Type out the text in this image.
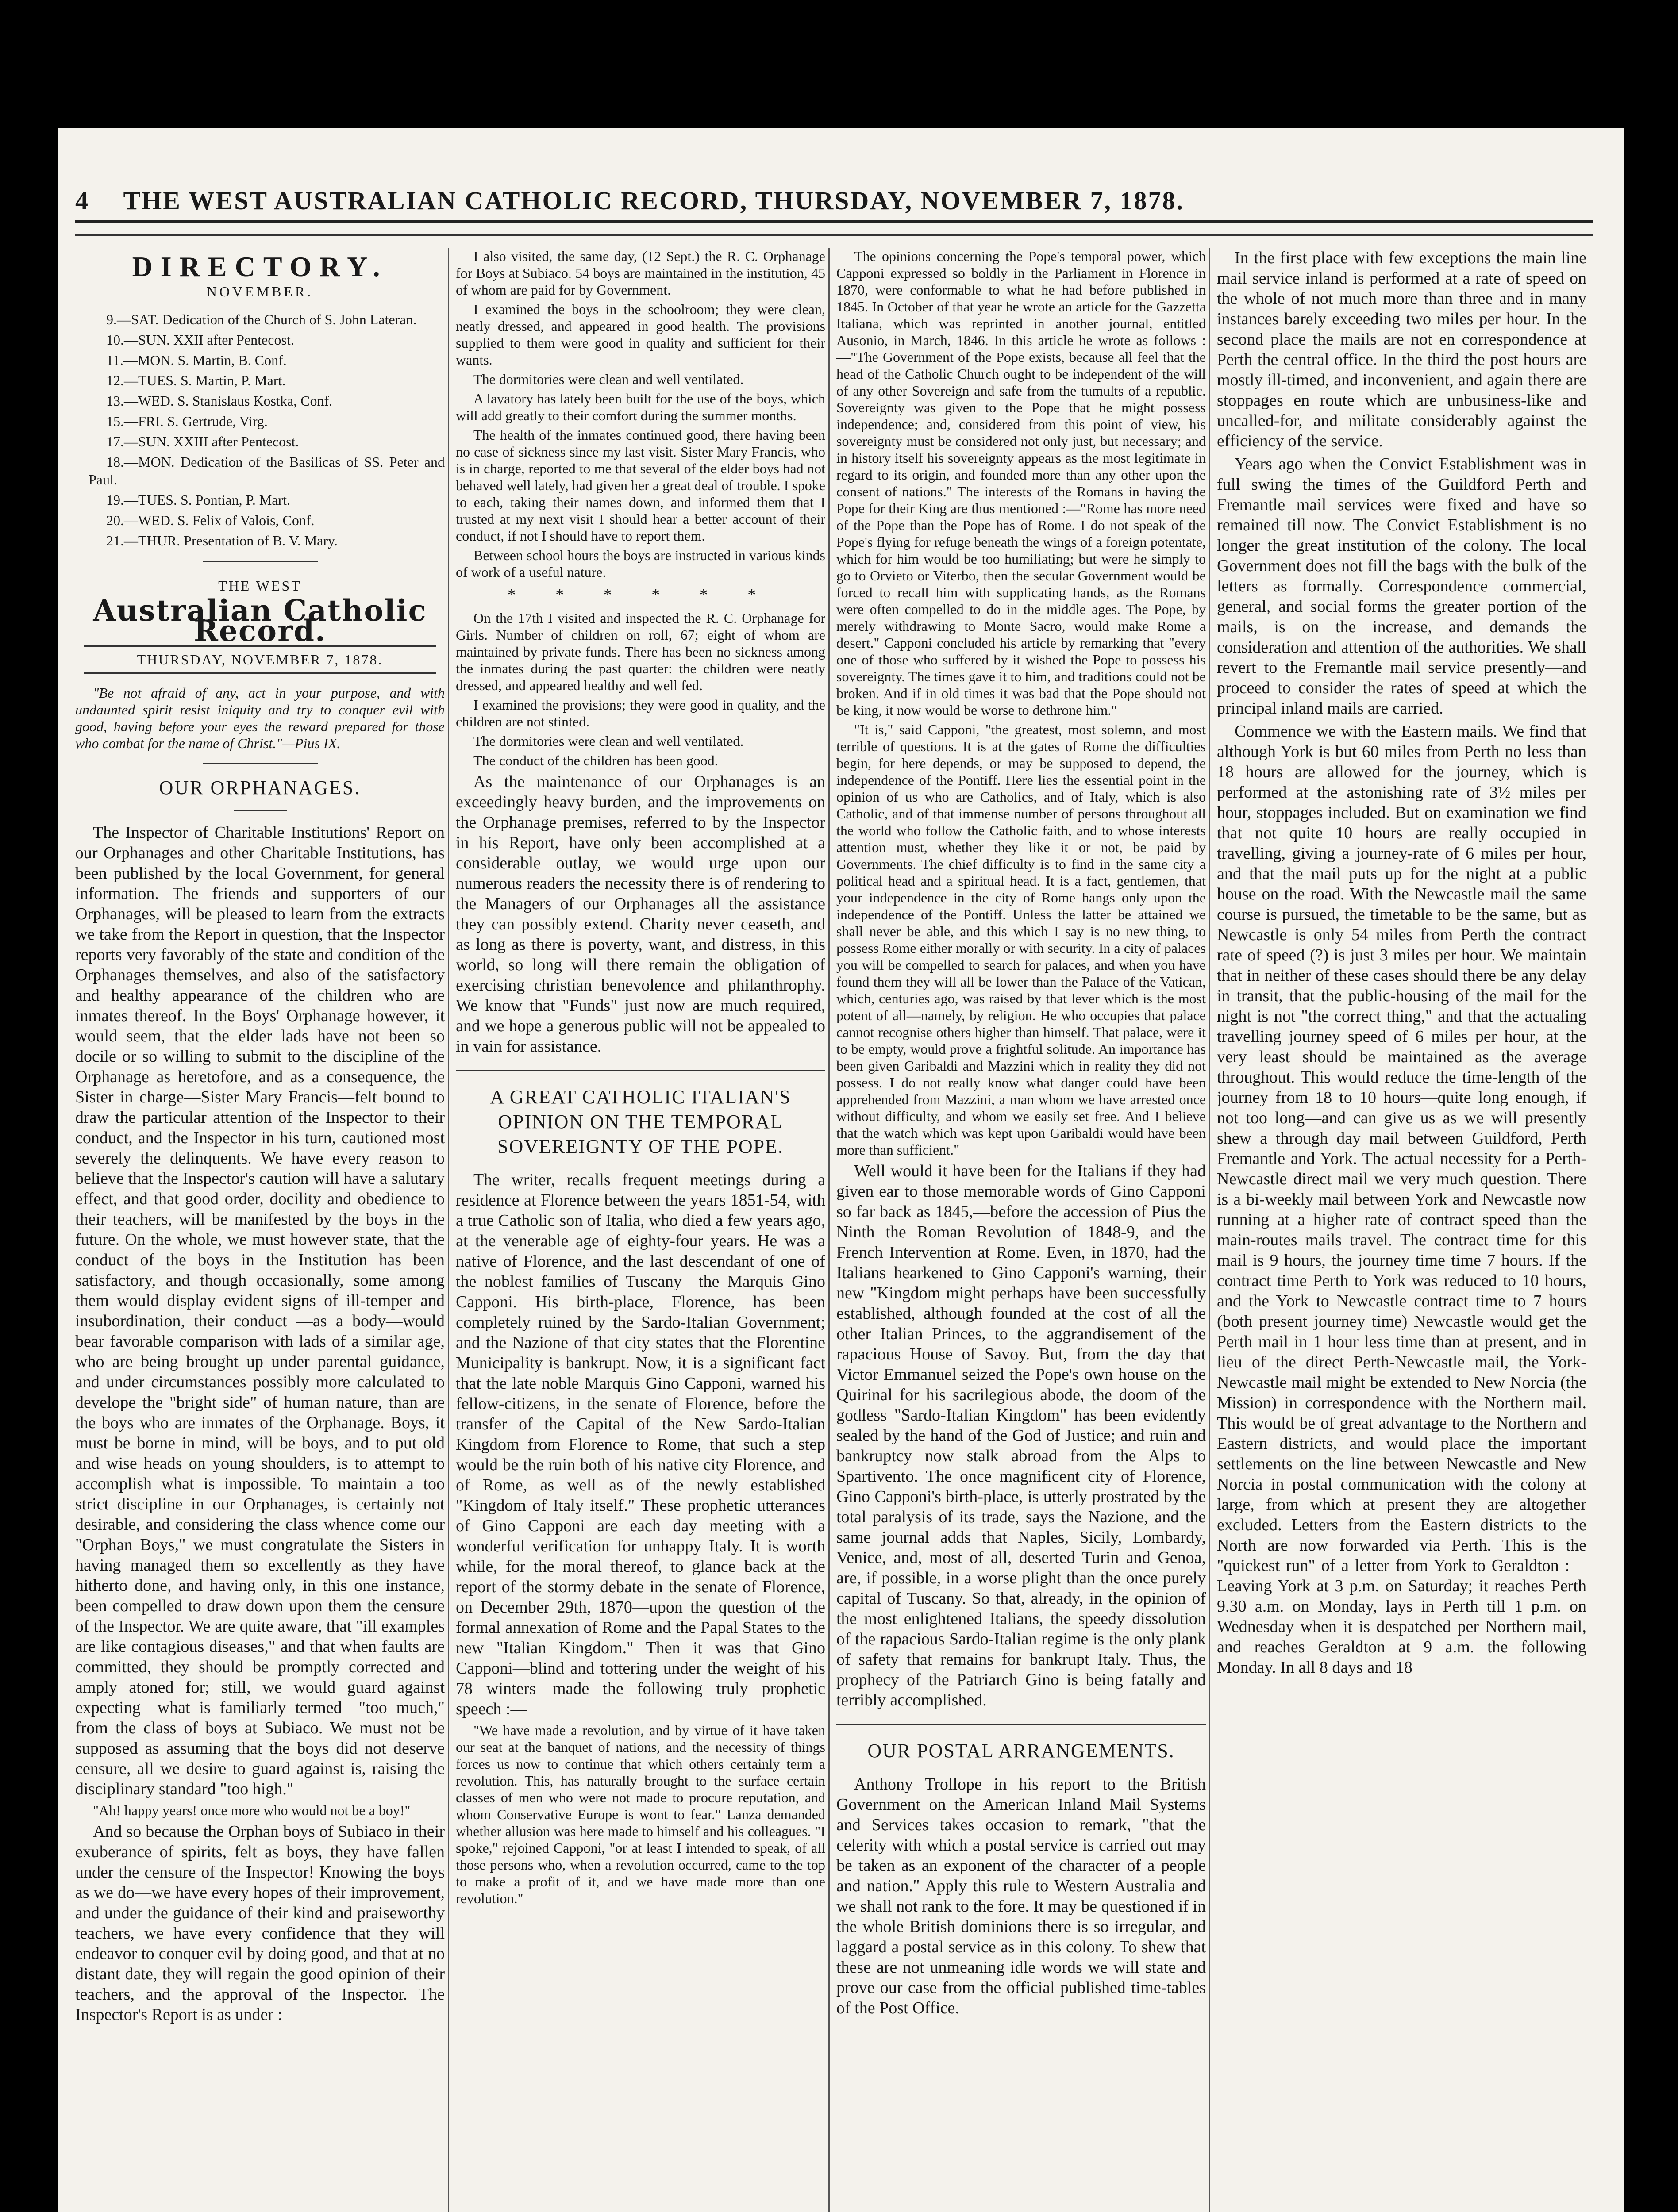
4 THE WEST AUSTRALIAN CATHOLIC RECORD, THURSDAY, NOVEMBER 7, 1878.
DIRECTORY.
NOVEMBER.

9.—SAT. Dedication of the Church of S. John Lateran.

10.—SUN. XXII after Pentecost.

11.—MON. S. Martin, B. Conf.

12.—TUES. S. Martin, P. Mart.

13.—WED. S. Stanislaus Kostka, Conf.

15.—FRI. S. Gertrude, Virg.

17.—SUN. XXIII after Pentecost.

18.—MON. Dedication of the Basilicas of SS. Peter and Paul.

19.—TUES. S. Pontian, P. Mart.

20.—WED. S. Felix of Valois, Conf.

21.—THUR. Presentation of B. V. Mary.

THE WEST
Australian Catholic Record.
THURSDAY, NOVEMBER 7, 1878.

"Be not afraid of any, act in your purpose, and with undaunted spirit resist iniquity and try to conquer evil with good, having before your eyes the reward prepared for those who combat for the name of Christ."—Pius IX.

OUR ORPHANAGES.

The Inspector of Charitable Institutions' Report on our Orphanages and other Charitable Institutions, has been published by the local Government, for general information. The friends and supporters of our Orphanages, will be pleased to learn from the extracts we take from the Report in question, that the Inspector reports very favorably of the state and condition of the Orphanages themselves, and also of the satisfactory and healthy appearance of the children who are inmates thereof. In the Boys' Orphanage however, it would seem, that the elder lads have not been so docile or so willing to submit to the discipline of the Orphanage as heretofore, and as a consequence, the Sister in charge—Sister Mary Francis—felt bound to draw the particular attention of the Inspector to their conduct, and the Inspector in his turn, cautioned most severely the delinquents. We have every reason to believe that the Inspector's caution will have a salutary effect, and that good order, docility and obedience to their teachers, will be manifested by the boys in the future. On the whole, we must however state, that the conduct of the boys in the Institution has been satisfactory, and though occasionally, some among them would display evident signs of ill-temper and insubordination, their conduct —as a body—would bear favorable comparison with lads of a similar age, who are being brought up under parental guidance, and under circumstances possibly more calculated to develope the "bright side" of human nature, than are the boys who are inmates of the Orphanage. Boys, it must be borne in mind, will be boys, and to put old and wise heads on young shoulders, is to attempt to accomplish what is impossible. To maintain a too strict discipline in our Orphanages, is certainly not desirable, and considering the class whence come our "Orphan Boys," we must congratulate the Sisters in having managed them so excellently as they have hitherto done, and having only, in this one instance, been compelled to draw down upon them the censure of the Inspector. We are quite aware, that "ill examples are like contagious diseases," and that when faults are committed, they should be promptly corrected and amply atoned for; still, we would guard against expecting—what is familiarly termed—"too much," from the class of boys at Subiaco. We must not be supposed as assuming that the boys did not deserve censure, all we desire to guard against is, raising the disciplinary standard "too high."

"Ah! happy years! once more who would not be a boy!"

And so because the Orphan boys of Subiaco in their exuberance of spirits, felt as boys, they have fallen under the censure of the Inspector! Knowing the boys as we do—we have every hopes of their improvement, and under the guidance of their kind and praiseworthy teachers, we have every confidence that they will endeavor to conquer evil by doing good, and that at no distant date, they will regain the good opinion of their teachers, and the approval of the Inspector. The Inspector's Report is as under :—

I also visited, the same day, (12 Sept.) the R. C. Orphanage for Boys at Subiaco. 54 boys are maintained in the institution, 45 of whom are paid for by Government.

I examined the boys in the schoolroom; they were clean, neatly dressed, and appeared in good health. The provisions supplied to them were good in quality and sufficient for their wants.

The dormitories were clean and well ventilated.

A lavatory has lately been built for the use of the boys, which will add greatly to their comfort during the summer months.

The health of the inmates continued good, there having been no case of sickness since my last visit. Sister Mary Francis, who is in charge, reported to me that several of the elder boys had not behaved well lately, had given her a great deal of trouble. I spoke to each, taking their names down, and informed them that I trusted at my next visit I should hear a better account of their conduct, if not I should have to report them.

Between school hours the boys are instructed in various kinds of work of a useful nature.

* * * * * *

On the 17th I visited and inspected the R. C. Orphanage for Girls. Number of children on roll, 67; eight of whom are maintained by private funds. There has been no sickness among the inmates during the past quarter: the children were neatly dressed, and appeared healthy and well fed.

I examined the provisions; they were good in quality, and the children are not stinted.

The dormitories were clean and well ventilated.

The conduct of the children has been good.

As the maintenance of our Orphanages is an exceedingly heavy burden, and the improvements on the Orphanage premises, referred to by the Inspector in his Report, have only been accomplished at a considerable outlay, we would urge upon our numerous readers the necessity there is of rendering to the Managers of our Orphanages all the assistance they can possibly extend. Charity never ceaseth, and as long as there is poverty, want, and distress, in this world, so long will there remain the obligation of exercising christian benevolence and philanthrophy. We know that "Funds" just now are much required, and we hope a generous public will not be appealed to in vain for assistance.

A GREAT CATHOLIC ITALIAN'S OPINION ON THE TEMPORAL SOVEREIGNTY OF THE POPE.

The writer, recalls frequent meetings during a residence at Florence between the years 1851-54, with a true Catholic son of Italia, who died a few years ago, at the venerable age of eighty-four years. He was a native of Florence, and the last descendant of one of the noblest families of Tuscany—the Marquis Gino Capponi. His birth-place, Florence, has been completely ruined by the Sardo-Italian Government; and the Nazione of that city states that the Florentine Municipality is bankrupt. Now, it is a significant fact that the late noble Marquis Gino Capponi, warned his fellow-citizens, in the senate of Florence, before the transfer of the Capital of the New Sardo-Italian Kingdom from Florence to Rome, that such a step would be the ruin both of his native city Florence, and of Rome, as well as of the newly established "Kingdom of Italy itself." These prophetic utterances of Gino Capponi are each day meeting with a wonderful verification for unhappy Italy. It is worth while, for the moral thereof, to glance back at the report of the stormy debate in the senate of Florence, on December 29th, 1870—upon the question of the formal annexation of Rome and the Papal States to the new "Italian Kingdom." Then it was that Gino Capponi—blind and tottering under the weight of his 78 winters—made the following truly prophetic speech :—

"We have made a revolution, and by virtue of it have taken our seat at the banquet of nations, and the necessity of things forces us now to continue that which others certainly term a revolution. This, has naturally brought to the surface certain classes of men who were not made to procure reputation, and whom Conservative Europe is wont to fear." Lanza demanded whether allusion was here made to himself and his colleagues. "I spoke," rejoined Capponi, "or at least I intended to speak, of all those persons who, when a revolution occurred, came to the top to make a profit of it, and we have made more than one revolution."

The opinions concerning the Pope's temporal power, which Capponi expressed so boldly in the Parliament in Florence in 1870, were conformable to what he had before published in 1845. In October of that year he wrote an article for the Gazzetta Italiana, which was reprinted in another journal, entitled Ausonio, in March, 1846. In this article he wrote as follows :—"The Government of the Pope exists, because all feel that the head of the Catholic Church ought to be independent of the will of any other Sovereign and safe from the tumults of a republic. Sovereignty was given to the Pope that he might possess independence; and, considered from this point of view, his sovereignty must be considered not only just, but necessary; and in history itself his sovereignty appears as the most legitimate in regard to its origin, and founded more than any other upon the consent of nations." The interests of the Romans in having the Pope for their King are thus mentioned :—"Rome has more need of the Pope than the Pope has of Rome. I do not speak of the Pope's flying for refuge beneath the wings of a foreign potentate, which for him would be too humiliating; but were he simply to go to Orvieto or Viterbo, then the secular Government would be forced to recall him with supplicating hands, as the Romans were often compelled to do in the middle ages. The Pope, by merely withdrawing to Monte Sacro, would make Rome a desert." Capponi concluded his article by remarking that "every one of those who suffered by it wished the Pope to possess his sovereignty. The times gave it to him, and traditions could not be broken. And if in old times it was bad that the Pope should not be king, it now would be worse to dethrone him."

"It is," said Capponi, "the greatest, most solemn, and most terrible of questions. It is at the gates of Rome the difficulties begin, for here depends, or may be supposed to depend, the independence of the Pontiff. Here lies the essential point in the opinion of us who are Catholics, and of Italy, which is also Catholic, and of that immense number of persons throughout all the world who follow the Catholic faith, and to whose interests attention must, whether they like it or not, be paid by Governments. The chief difficulty is to find in the same city a political head and a spiritual head. It is a fact, gentlemen, that your independence in the city of Rome hangs only upon the independence of the Pontiff. Unless the latter be attained we shall never be able, and this which I say is no new thing, to possess Rome either morally or with security. In a city of palaces you will be compelled to search for palaces, and when you have found them they will all be lower than the Palace of the Vatican, which, centuries ago, was raised by that lever which is the most potent of all—namely, by religion. He who occupies that palace cannot recognise others higher than himself. That palace, were it to be empty, would prove a frightful solitude. An importance has been given Garibaldi and Mazzini which in reality they did not possess. I do not really know what danger could have been apprehended from Mazzini, a man whom we have arrested once without difficulty, and whom we easily set free. And I believe that the watch which was kept upon Garibaldi would have been more than sufficient."

Well would it have been for the Italians if they had given ear to those memorable words of Gino Capponi so far back as 1845,—before the accession of Pius the Ninth the Roman Revolution of 1848-9, and the French Intervention at Rome. Even, in 1870, had the Italians hearkened to Gino Capponi's warning, their new "Kingdom might perhaps have been successfully established, although founded at the cost of all the other Italian Princes, to the aggrandisement of the rapacious House of Savoy. But, from the day that Victor Emmanuel seized the Pope's own house on the Quirinal for his sacrilegious abode, the doom of the godless "Sardo-Italian Kingdom" has been evidently sealed by the hand of the God of Justice; and ruin and bankruptcy now stalk abroad from the Alps to Spartivento. The once magnificent city of Florence, Gino Capponi's birth-place, is utterly prostrated by the total paralysis of its trade, says the Nazione, and the same journal adds that Naples, Sicily, Lombardy, Venice, and, most of all, deserted Turin and Genoa, are, if possible, in a worse plight than the once purely capital of Tuscany. So that, already, in the opinion of the most enlightened Italians, the speedy dissolution of the rapacious Sardo-Italian regime is the only plank of safety that remains for bankrupt Italy. Thus, the prophecy of the Patriarch Gino is being fatally and terribly accomplished.

OUR POSTAL ARRANGEMENTS.

Anthony Trollope in his report to the British Government on the American Inland Mail Systems and Services takes occasion to remark, "that the celerity with which a postal service is carried out may be taken as an exponent of the character of a people and nation." Apply this rule to Western Australia and we shall not rank to the fore. It may be questioned if in the whole British dominions there is so irregular, and laggard a postal service as in this colony. To shew that these are not unmeaning idle words we will state and prove our case from the official published time-tables of the Post Office.

In the first place with few exceptions the main line mail service inland is performed at a rate of speed on the whole of not much more than three and in many instances barely exceeding two miles per hour. In the second place the mails are not en correspondence at Perth the central office. In the third the post hours are mostly ill-timed, and inconvenient, and again there are stoppages en route which are unbusiness-like and uncalled-for, and militate considerably against the efficiency of the service.

Years ago when the Convict Establishment was in full swing the times of the Guildford Perth and Fremantle mail services were fixed and have so remained till now. The Convict Establishment is no longer the great institution of the colony. The local Government does not fill the bags with the bulk of the letters as formally. Correspondence commercial, general, and social forms the greater portion of the mails, is on the increase, and demands the consideration and attention of the authorities. We shall revert to the Fremantle mail service presently—and proceed to consider the rates of speed at which the principal inland mails are carried.

Commence we with the Eastern mails. We find that although York is but 60 miles from Perth no less than 18 hours are allowed for the journey, which is performed at the astonishing rate of 3½ miles per hour, stoppages included. But on examination we find that not quite 10 hours are really occupied in travelling, giving a journey-rate of 6 miles per hour, and that the mail puts up for the night at a public house on the road. With the Newcastle mail the same course is pursued, the timetable to be the same, but as Newcastle is only 54 miles from Perth the contract rate of speed (?) is just 3 miles per hour. We maintain that in neither of these cases should there be any delay in transit, that the public-housing of the mail for the night is not "the correct thing," and that the actualing travelling journey speed of 6 miles per hour, at the very least should be maintained as the average throughout. This would reduce the time-length of the journey from 18 to 10 hours—quite long enough, if not too long—and can give us as we will presently shew a through day mail between Guildford, Perth Fremantle and York. The actual necessity for a Perth-Newcastle direct mail we very much question. There is a bi-weekly mail between York and Newcastle now running at a higher rate of contract speed than the main-routes mails travel. The contract time for this mail is 9 hours, the journey time time 7 hours. If the contract time Perth to York was reduced to 10 hours, and the York to Newcastle contract time to 7 hours (both present journey time) Newcastle would get the Perth mail in 1 hour less time than at present, and in lieu of the direct Perth-Newcastle mail, the York-Newcastle mail might be extended to New Norcia (the Mission) in correspondence with the Northern mail. This would be of great advantage to the Northern and Eastern districts, and would place the important settlements on the line between Newcastle and New Norcia in postal communication with the colony at large, from which at present they are altogether excluded. Letters from the Eastern districts to the North are now forwarded via Perth. This is the "quickest run" of a letter from York to Geraldton :—Leaving York at 3 p.m. on Saturday; it reaches Perth 9.30 a.m. on Monday, lays in Perth till 1 p.m. on Wednesday when it is despatched per Northern mail, and reaches Geraldton at 9 a.m. the following Monday. In all 8 days and 18
